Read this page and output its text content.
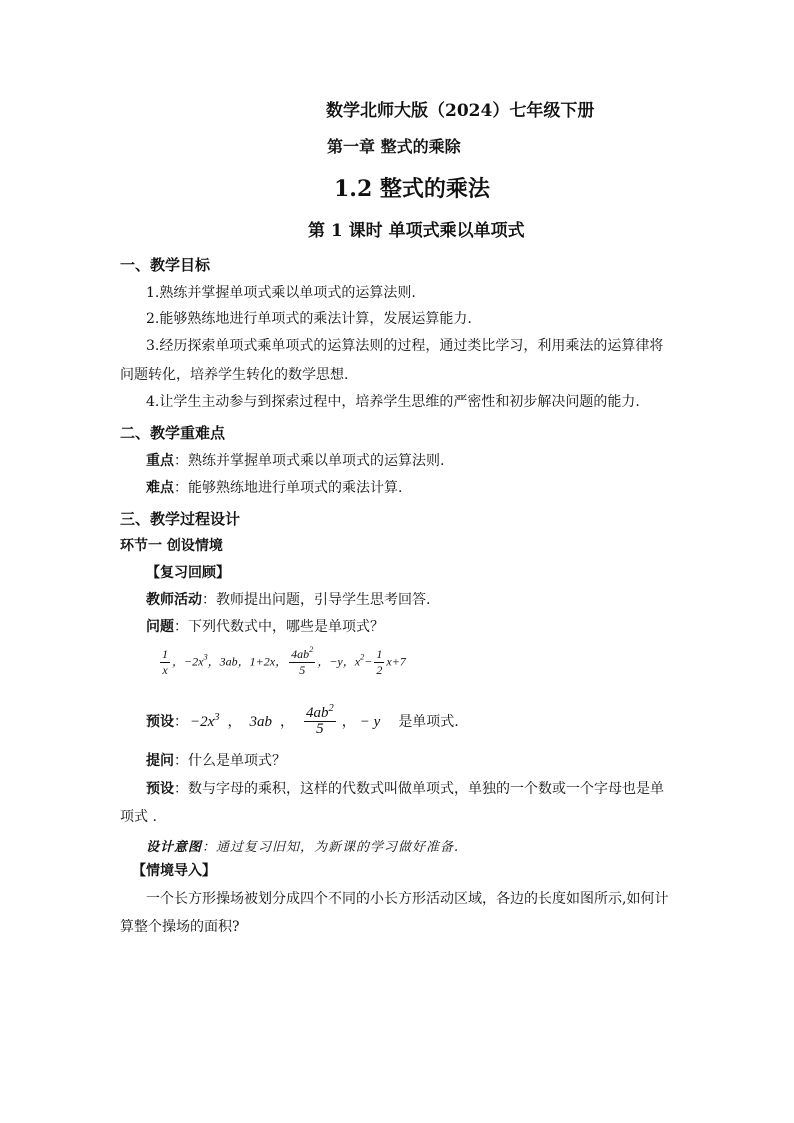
数学北师大版（2024）七年级下册
第一章 整式的乘除
1.2 整式的乘法
第 1 课时 单项式乘以单项式
一、教学目标
1.熟练并掌握单项式乘以单项式的运算法则.
2.能够熟练地进行单项式的乘法计算，发展运算能力.
3.经历探索单项式乘单项式的运算法则的过程，通过类比学习，利用乘法的运算律将
问题转化，培养学生转化的数学思想.
4.让学生主动参与到探索过程中，培养学生思维的严密性和初步解决问题的能力.
二、教学重难点
重点：熟练并掌握单项式乘以单项式的运算法则.
难点：能够熟练地进行单项式的乘法计算.
三、教学过程设计
环节一 创设情境
【复习回顾】
教师活动：教师提出问题，引导学生思考回答.
问题：下列代数式中，哪些是单项式？
$\frac{1}{x}$ ，$-2x^3$，3ab，1+2x， $\frac{4ab^2}{5}$ ，−y，$x^2- \frac{1}{2} x+7$
预设 ： $-2x^3$ ， 3ab ， $\frac{4ab^2}{5}$ ， − y 是单项式.
提问：什么是单项式？
预设：数与字母的乘积，这样的代数式叫做单项式，单独的一个数或一个字母也是单
项式 .
设计意图：通过复习旧知，为新课的学习做好准备.
【情境导入】
一个长方形操场被划分成四个不同的小长方形活动区域，各边的长度如图所示,如何计
算整个操场的面积?
